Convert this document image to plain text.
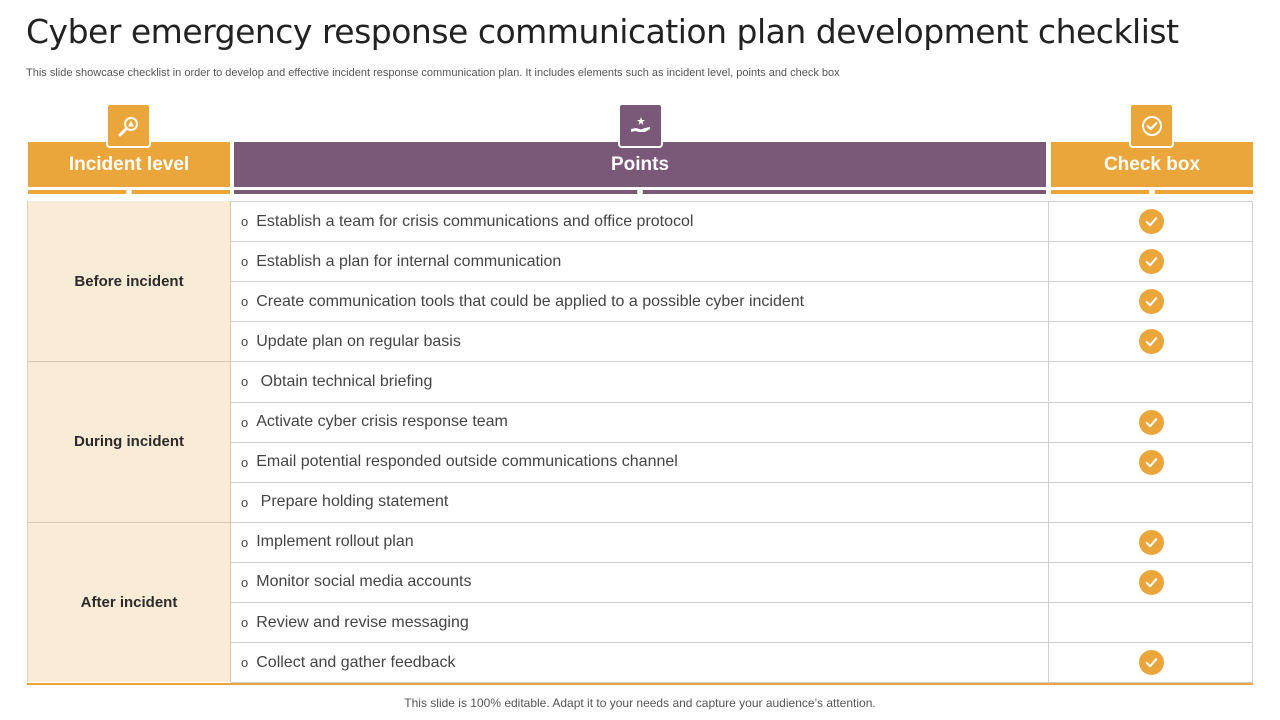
Cyber emergency response communication plan development checklist
This slide showcase checklist in order to develop and effective incident response communication plan. It includes elements such as incident level, points and check box
Incident level	Points	Check box
Before incident
During incident
After incident
o Establish a team for crisis communications and office protocol
o Establish a plan for internal communication
o Create communication tools that could be applied to a possible cyber incident
o Update plan on regular basis
o Obtain technical briefing
o Activate cyber crisis response team
o Email potential responded outside communications channel
o Prepare holding statement
o Implement rollout plan
o Monitor social media accounts
o Review and revise messaging
o Collect and gather feedback
This slide is 100% editable. Adapt it to your needs and capture your audience’s attention.
